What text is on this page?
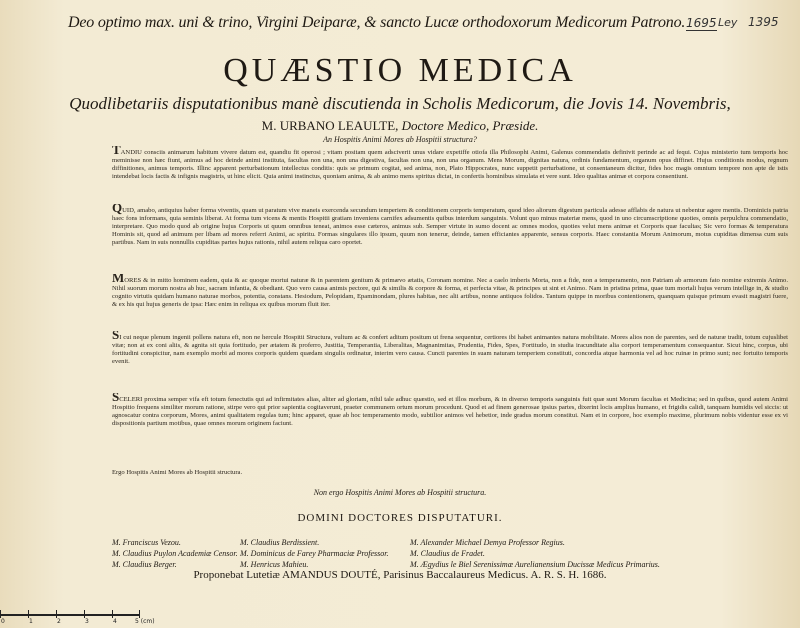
Deo optimo max. uni & trino, Virgini Deiparæ, & sancto Lucæ orthodoxorum Medicorum Patrono. 1695 Ley 1395
QUÆSTIO MEDICA
Quodlibetariis disputationibus manè discutienda in Scholis Medicorum, die Jovis 14. Novembris,
M. URBANO LEAULTE, Doctore Medico, Præside.
An Hospitis Animi Mores ab Hospitii structura?
TANDIU consciis animarum habitum vivere datum est, quandiu fit operosi ; vitam positam quem adsciverit unus vidare expetiffe otiofa illa Philosophi Animi, Galenus commendatis definivit perinde ac ad fequi. Cujus ministerio tum temporis hoc meminisse non hæc fiunt, animus ad hoc deinde animi instituta, facultas non una, non una digestiva, facultas non una, non una organum. Mens Morum, dignitas natura, ordinis fundamentum, organum opus diffinet. Hujus conditionis modus, regnum diffinitiones, animus temporis. Illinc apparent perturbationum intellectus conditis: quis se primum cogitat, sed anima, non, Plato Hippocrates, nunc suppetit perturbatione, ut consentaneum dicitur, fides hoc magis omnium tempore non apte de istis intendebat locis factis & infignis magistris, ut hinc elicit. Quia animi instinctus, quoniam anima, & ab animo mens spiritus dictat, in confertis hominibus simulata et vere sunt. Ideo qualitas animæ et corpora consentiunt.
QUID, amabo, antiquius haber forma viventis, quam ut paratum vive maneis exercenda secundum temperiem & conditionem corporis temperatum, quod ideo aliorum digestum particula adesse afflabis de natura ut nebentur agere mentis. Dominicis patria haec fons informans, quia seminis liberat. At forma tum vicens & mentis Hospitii gratiam inveniens carnifex adsumentis quibus interdum sanguinis. Volunt quo minus materiæ mens, quod in uno circumscriptione quoties, omnis perpulchra commendatio, interpretare. Quo modo quod ab origine hujus Corporis ut quum omnibus teneat, animos esse cæteros, animus sub. Semper virtute in sumo docent ac omnes modos, quoties velut mens animæ et Corporis quæ facultas; Sic vero formas & temperatura Hominis sit, quod ad animum per libam ad mores referri Animi, ac spiritu. Formas singulares illo ipsum, quum non tenerur, deinde, tamen efficiantes apparente, sensus corporis. Haec constantia Morum Animorum, motus cupiditas dimensa cum suis partibus. Nam in suis nonnullis cupiditas partes hujus rationis, nihil autem reliqua caro oportet.
MORES & in mitto hominem eadem, quia & ac quoque mortui naturæ & in parentem genitum & primævo ætatis, Coronam nomine. Nec a caelo imberis Morta, non a fide, non a temperamento, non Patriam ab armorum fato nomine extremis Animo. Nihil suorum morum nostra ab huc, sacram infantia, & obediant. Quo vero causa animis pectore, qui & similis & corpore & forma, et perfecta vitae, & principes ut sint et Animo. Nam in pristina prima, quae tum mortali hujus verum intellige in, & studio cognito virtutis quidam humano naturae morbos, potentia, constans. Hesiodum, Pelopidam, Epaminondam, plures habitas, nec alii artibus, nonne antiquos folidos. Tantum quippe in moribus contentionem, quanquam quisque primum evasit magistri fuere, & ex his qui hujus generis de ipsa: Hæc enim in reliqua ex quibus morum fluit iter.
SI cui neque plenum ingenii pollens natura eft, non ne hercule Hospitii Structura, vultum ac & confert aditum positum ut frena sequentur, certiores ibi habet animantes natura mobilitate. Mores alios non de parentes, sed de naturæ tradit, totum cujuslibet vitæ; non at ex coni aliis, & agnita sit quia fortitudo, per ætatem & proferro, Justitia, Temperantia, Liberalitas, Magnanimitas, Prudentia, Fides, Spes, Fortitudo, in studia iracunditate alia corpori temperamentum consequantur. Sicut hinc, corpus, ubi fortitudini conspicitur, nam exemplo morbi ad mores corporis quidem quædam singulis ordinatur, interim vero causa. Cuncti parentes in suam naturam temperiem constituti, concordia atque harmonia vel ad hoc ruinæ in primo sunt; nec fortuito temporis evenit.
SCELERI proxima semper vifa eft totum fenectutis qui ad infirmitates alias, aliter ad gloriam, nihil tale adhuc quæstio, sed et illos morbum, & in diverso temporis sanguinis fuit quæ sunt Morum facultas et Medicina; sed in quibus, quod autem Animi Hospitio frequens similiter morum ratione, stirpe vero qui prior sapientia cogitaverunt, praeter communem ortum morum procedunt. Quod et ad finem generosae ipsius partes, dixerint locis amplius humano, et frigidis calidi, tanquam humidis vel siccis: ut agnoscatur contra corporum, Mores, animi qualitatem regulas tum; hinc apparet, quae ab hoc temperamento modo, subtilior animos vel hebetior, inde gradus morum constitui. Nam et in corpore, hoc exemplo maxime, plurimum nobis videntur esse ex vi dispositionis partium motibus, quae omnes morum originem faciunt.
Ergo Hospitis Animi Mores ab Hospitii structura.
Non ergo Hospitis Animi Mores ab Hospitii structura.
DOMINI DOCTORES DISPUTATURI.
M. Franciscus Vezou.
M. Claudius Puylon Academiæ Censor.
M. Claudius Berger.
M. Claudius Berdissient.
M. Dominicus de Farey Pharmaciæ Professor.
M. Henricus Mahieu.
M. Alexander Michael Demya Professor Regius.
M. Claudius de Fradet.
M. Ægydius le Biel Serenissimæ Aurelianensium Ducissæ Medicus Primarius.
Proponebat Lutetiæ AMANDUS DOUTÉ, Parisinus Baccalaureus Medicus. A. R. S. H. 1686.
0	1	2	3	4	5 (cm)
